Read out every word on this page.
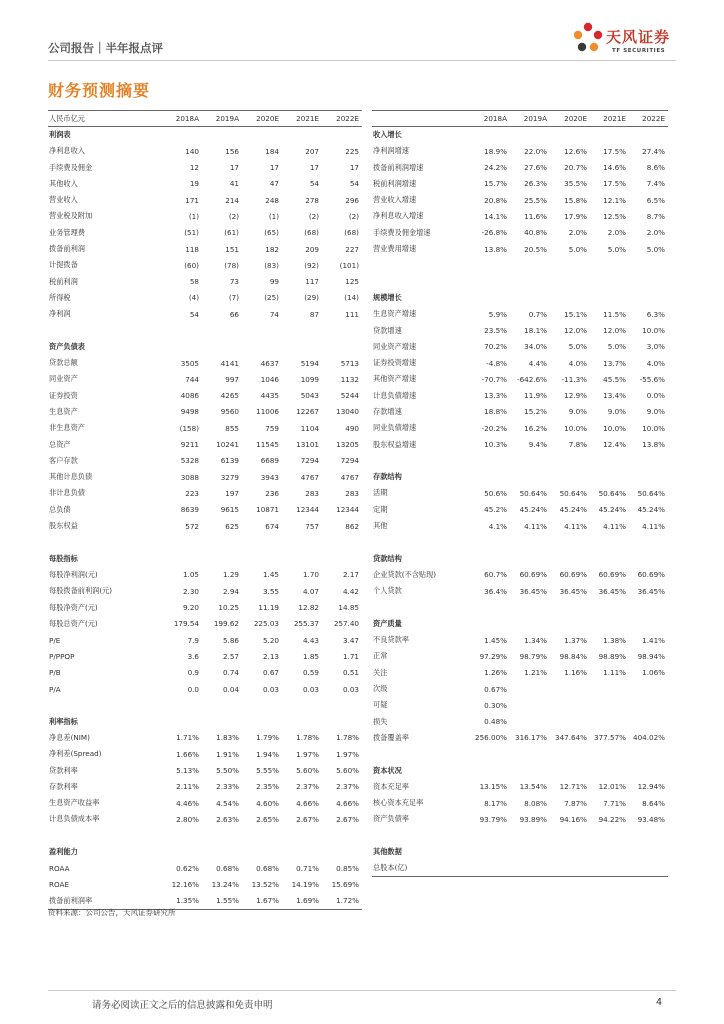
公司报告｜半年报点评
天风证券
TF SECURITIES
财务预测摘要
人民币亿元	2018A	2019A	2020E	2021E	2022E
利润表					
净利息收入	140	156	184	207	225
手续费及佣金	12	17	17	17	17
其他收入	19	41	47	54	54
营业收入	171	214	248	278	296
营业税及附加	(1)	(2)	(1)	(2)	(2)
业务管理费	(51)	(61)	(65)	(68)	(68)
拨备前利润	118	151	182	209	227
计提拨备	(60)	(78)	(83)	(92)	(101)
税前利润	58	73	99	117	125
所得税	(4)	(7)	(25)	(29)	(14)
净利润	54	66	74	87	111

资产负债表					
贷款总额	3505	4141	4637	5194	5713
同业资产	744	997	1046	1099	1132
证券投资	4086	4265	4435	5043	5244
生息资产	9498	9560	11006	12267	13040
非生息资产	(158)	855	759	1104	490
总资产	9211	10241	11545	13101	13205
客户存款	5328	6139	6689	7294	7294
其他计息负债	3088	3279	3943	4767	4767
非计息负债	223	197	236	283	283
总负债	8639	9615	10871	12344	12344
股东权益	572	625	674	757	862

每股指标					
每股净利润(元)	1.05	1.29	1.45	1.70	2.17
每股拨备前利润(元)	2.30	2.94	3.55	4.07	4.42
每股净资产(元)	9.20	10.25	11.19	12.82	14.85
每股总资产(元)	179.54	199.62	225.03	255.37	257.40
P/E	7.9	5.86	5.20	4.43	3.47
P/PPOP	3.6	2.57	2.13	1.85	1.71
P/B	0.9	0.74	0.67	0.59	0.51
P/A	0.0	0.04	0.03	0.03	0.03

利率指标					
净息差(NIM)	1.71%	1.83%	1.79%	1.78%	1.78%
净利差(Spread)	1.66%	1.91%	1.94%	1.97%	1.97%
贷款利率	5.13%	5.50%	5.55%	5.60%	5.60%
存款利率	2.11%	2.33%	2.35%	2.37%	2.37%
生息资产收益率	4.46%	4.54%	4.60%	4.66%	4.66%
计息负债成本率	2.80%	2.63%	2.65%	2.67%	2.67%

盈利能力					
ROAA	0.62%	0.68%	0.68%	0.71%	0.85%
ROAE	12.16%	13.24%	13.52%	14.19%	15.69%
拨备前利润率	1.35%	1.55%	1.67%	1.69%	1.72%
	2018A	2019A	2020E	2021E	2022E
收入增长					
净利润增速	18.9%	22.0%	12.6%	17.5%	27.4%
拨备前利润增速	24.2%	27.6%	20.7%	14.6%	8.6%
税前利润增速	15.7%	26.3%	35.5%	17.5%	7.4%
营业收入增速	20.8%	25.5%	15.8%	12.1%	6.5%
净利息收入增速	14.1%	11.6%	17.9%	12.5%	8.7%
手续费及佣金增速	-26.8%	40.8%	2.0%	2.0%	2.0%
营业费用增速	13.8%	20.5%	5.0%	5.0%	5.0%

规模增长					
生息资产增速	5.9%	0.7%	15.1%	11.5%	6.3%
贷款增速	23.5%	18.1%	12.0%	12.0%	10.0%
同业资产增速	70.2%	34.0%	5.0%	5.0%	3.0%
证券投资增速	-4.8%	4.4%	4.0%	13.7%	4.0%
其他资产增速	-70.7%	-642.6%	-11.3%	45.5%	-55.6%
计息负债增速	13.3%	11.9%	12.9%	13.4%	0.0%
存款增速	18.8%	15.2%	9.0%	9.0%	9.0%
同业负债增速	-20.2%	16.2%	10.0%	10.0%	10.0%
股东权益增速	10.3%	9.4%	7.8%	12.4%	13.8%

存款结构					
活期	50.6%	50.64%	50.64%	50.64%	50.64%
定期	45.2%	45.24%	45.24%	45.24%	45.24%
其他	4.1%	4.11%	4.11%	4.11%	4.11%

贷款结构					
企业贷款(不含贴现)	60.7%	60.69%	60.69%	60.69%	60.69%
个人贷款	36.4%	36.45%	36.45%	36.45%	36.45%

资产质量					
不良贷款率	1.45%	1.34%	1.37%	1.38%	1.41%
正常	97.29%	98.79%	98.84%	98.89%	98.94%
关注	1.26%	1.21%	1.16%	1.11%	1.06%
次级	0.67%				
可疑	0.30%				
损失	0.48%				
拨备覆盖率	256.00%	316.17%	347.64%	377.57%	404.02%

资本状况					
资本充足率	13.15%	13.54%	12.71%	12.01%	12.94%
核心资本充足率	8.17%	8.08%	7.87%	7.71%	8.64%
资产负债率	93.79%	93.89%	94.16%	94.22%	93.48%

其他数据					
总股本(亿)					
资料来源：公司公告，天风证券研究所
请务必阅读正文之后的信息披露和免责申明	4
